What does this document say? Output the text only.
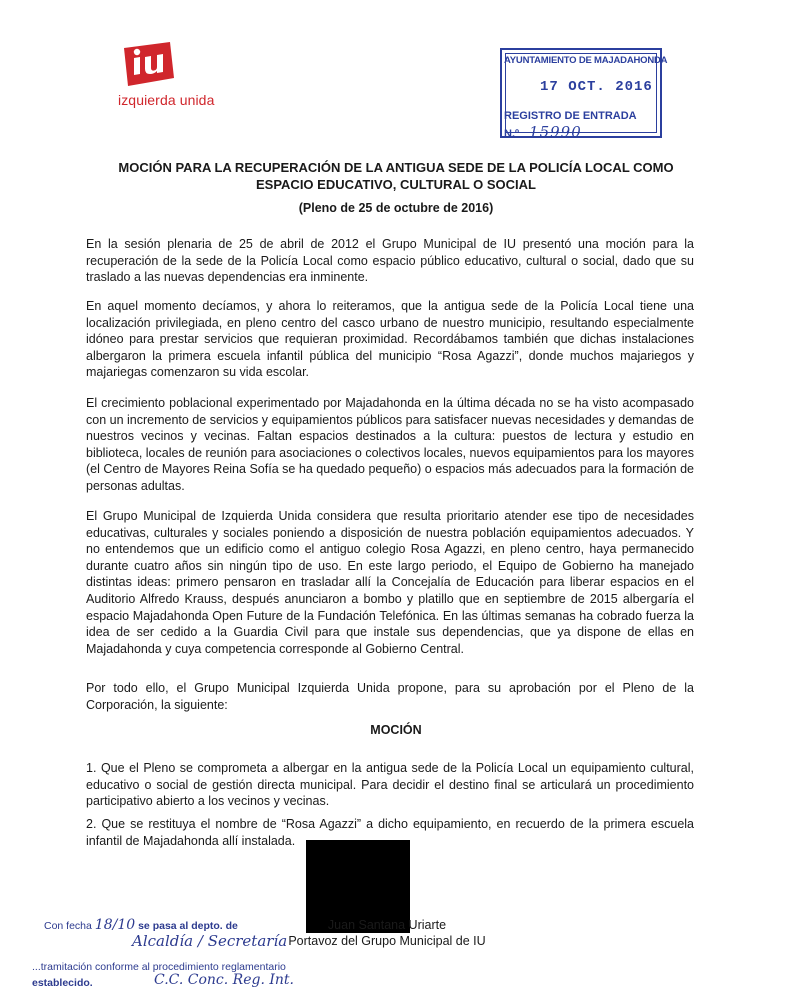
izquierda unida
AYUNTAMIENTO DE MAJADAHONDA
17 OCT. 2016
REGISTRO DE ENTRADA
N.º 15990
MOCIÓN PARA LA RECUPERACIÓN DE LA ANTIGUA SEDE DE LA POLICÍA LOCAL COMO ESPACIO EDUCATIVO, CULTURAL O SOCIAL
(Pleno de 25 de octubre de 2016)

En la sesión plenaria de 25 de abril de 2012 el Grupo Municipal de IU presentó una moción para la recuperación de la sede de la Policía Local como espacio público educativo, cultural o social, dado que su traslado a las nuevas dependencias era inminente.

En aquel momento decíamos, y ahora lo reiteramos, que la antigua sede de la Policía Local tiene una localización privilegiada, en pleno centro del casco urbano de nuestro municipio, resultando especialmente idóneo para prestar servicios que requieran proximidad. Recordábamos también que dichas instalaciones albergaron la primera escuela infantil pública del municipio “Rosa Agazzi”, donde muchos majariegos y majariegas comenzaron su vida escolar.

El crecimiento poblacional experimentado por Majadahonda en la última década no se ha visto acompasado con un incremento de servicios y equipamientos públicos para satisfacer nuevas necesidades y demandas de nuestros vecinos y vecinas. Faltan espacios destinados a la cultura: puestos de lectura y estudio en biblioteca, locales de reunión para asociaciones o colectivos locales, nuevos equipamientos para los mayores (el Centro de Mayores Reina Sofía se ha quedado pequeño) o espacios más adecuados para la formación de personas adultas.

El Grupo Municipal de Izquierda Unida considera que resulta prioritario atender ese tipo de necesidades educativas, culturales y sociales poniendo a disposición de nuestra población equipamientos adecuados. Y no entendemos que un edificio como el antiguo colegio Rosa Agazzi, en pleno centro, haya permanecido durante cuatro años sin ningún tipo de uso. En este largo periodo, el Equipo de Gobierno ha manejado distintas ideas: primero pensaron en trasladar allí la Concejalía de Educación para liberar espacios en el Auditorio Alfredo Krauss, después anunciaron a bombo y platillo que en septiembre de 2015 albergaría el espacio Majadahonda Open Future de la Fundación Telefónica. En las últimas semanas ha cobrado fuerza la idea de ser cedido a la Guardia Civil para que instale sus dependencias, que ya dispone de ellas en Majadahonda y cuya competencia corresponde al Gobierno Central.

Por todo ello, el Grupo Municipal Izquierda Unida propone, para su aprobación por el Pleno de la Corporación, la siguiente:

MOCIÓN

1. Que el Pleno se comprometa a albergar en la antigua sede de la Policía Local un equipamiento cultural, educativo o social de gestión directa municipal. Para decidir el destino final se articulará un procedimiento participativo abierto a los vecinos y vecinas.

2. Que se restituya el nombre de “Rosa Agazzi” a dicho equipamiento, en recuerdo de la primera escuela infantil de Majadahonda allí instalada.

Juan Santana Uriarte
Portavoz del Grupo Municipal de IU
Con fecha 18/10 se pasa al depto. de
Alcaldía / Secretaría
...tramitación conforme al procedimiento reglamentario
establecido.	C.C. Conc. Reg. Int.
